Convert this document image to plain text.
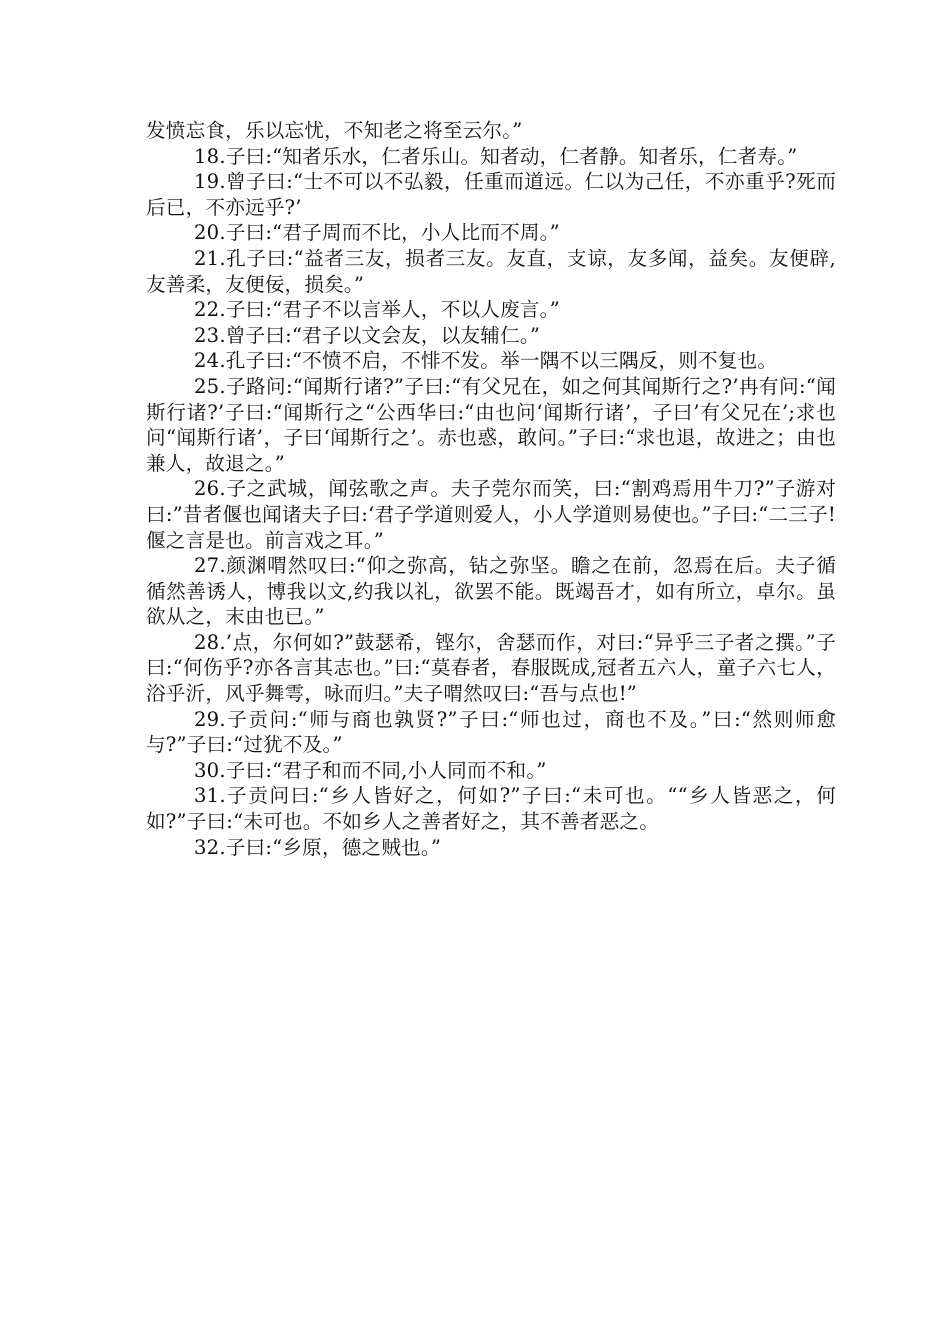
发愤忘食，乐以忘忧，不知老之将至云尔。”

18.子曰:“知者乐水，仁者乐山。知者动，仁者静。知者乐，仁者寿。”

19.曾子曰:“士不可以不弘毅，任重而道远。仁以为己任，不亦重乎?死而后已，不亦远乎?’

20.子曰:“君子周而不比，小人比而不周。”

21.孔子曰:“益者三友，损者三友。友直，支谅，友多闻，益矣。友便辟,友善柔，友便佞，损矣。”

22.子曰:“君子不以言举人，不以人废言。”

23.曾子曰:“君子以文会友，以友辅仁。”

24.孔子曰:“不愤不启，不悱不发。举一隅不以三隅反，则不复也。

25.子路问:“闻斯行诸?”子曰:“有父兄在，如之何其闻斯行之?’冉有问:“闻斯行诸?’子曰:“闻斯行之“公西华曰:“由也问‘闻斯行诸’，子曰’有父兄在’;求也问“闻斯行诸’，子曰‘闻斯行之’。赤也惑，敢问。”子曰:“求也退，故进之；由也兼人，故退之。”

26.子之武城，闻弦歌之声。夫子莞尔而笑，曰:“割鸡焉用牛刀?”子游对曰:”昔者偃也闻诸夫子曰:‘君子学道则爱人，小人学道则易使也。”子曰:“二三子!偃之言是也。前言戏之耳。”

27.颜渊喟然叹曰:“仰之弥高，钻之弥坚。瞻之在前，忽焉在后。夫子循循然善诱人，博我以文,约我以礼，欲罢不能。既竭吾才，如有所立，卓尔。虽欲从之，末由也已。”

28.’点，尔何如?”鼓瑟希，铿尔，舍瑟而作，对曰:“异乎三子者之撰。”子曰:“何伤乎?亦各言其志也。”曰:“莫春者，春服既成,冠者五六人，童子六七人，浴乎沂，风乎舞雩，咏而归。”夫子喟然叹曰:“吾与点也!”

29.子贡问:“师与商也孰贤?”子曰:“师也过，商也不及。”曰:“然则师愈与?”子曰:“过犹不及。”

30.子曰:“君子和而不同,小人同而不和。”

31.子贡问曰:“乡人皆好之，何如?”子曰:“未可也。““乡人皆恶之，何如?”子曰:“未可也。不如乡人之善者好之，其不善者恶之。

32.子曰:“乡原，德之贼也。”
